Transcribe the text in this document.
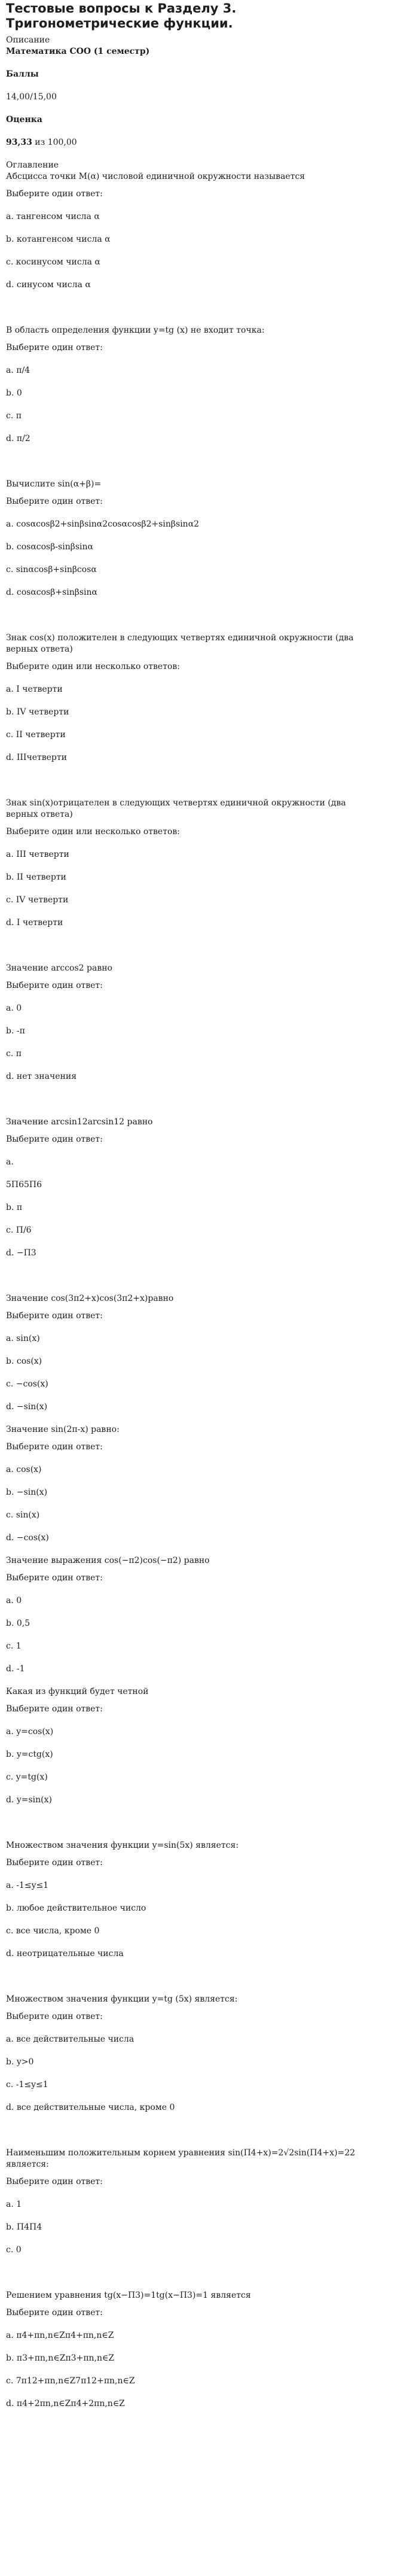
Тестовые вопросы к Разделу 3. Тригонометрические функции.

Описание

Математика СОО (1 семестр)

Баллы

14,00/15,00

Оценка

93,33 из 100,00

Оглавление

Абсцисса точки М(α) числовой единичной окружности называется

Выберите один ответ:

a. тангенсом числа α

b. котангенсом числа α

c. косинусом числа α

d. синусом числа α

В область определения функции y=tg (x) не входит точка:

Выберите один ответ:

a. π/4

b. 0

c. π

d. π/2

Вычислите sin(α+β)=

Выберите один ответ:

a. cosαcosβ2+sinβsinα2cosαcosβ2+sinβsinα2

b. cosαcosβ-sinβsinα

c. sinαcosβ+sinβcosα

d. cosαcosβ+sinβsinα

Знак cos(x) положителен в следующих четвертях единичной окружности (два верных ответа)

Выберите один или несколько ответов:

a. I четверти

b. IV четверти

c. II четверти

d. IIIчетверти

Знак sin(x)отрицателен в следующих четвертях единичной окружности (два верных ответа)

Выберите один или несколько ответов:

a. III четверти

b. II четверти

c. IV четверти

d. I четверти

Значение arccos2 равно

Выберите один ответ:

a. 0

b. -π

c. π

d. нет значения

Значение arcsin12arcsin12 равно

Выберите один ответ:

a.

5П65П6

b. π

c. П/6

d. −П3

Значение cos(3π2+x)cos(3π2+x)равно

Выберите один ответ:

a. sin(x)

b. cos(x)

c. −cos(x)

d. −sin(x)

Значение sin(2π-x) равно:

Выберите один ответ:

a. cos(x)

b. −sin(x)

c. sin(x)

d. −cos(x)

Значение выражения cos(−π2)cos(−π2) равно

Выберите один ответ:

a. 0

b. 0,5

c. 1

d. -1

Какая из функций будет четной

Выберите один ответ:

a. y=cos(x)

b. y=ctg(x)

c. y=tg(x)

d. y=sin(x)

Множеством значения функции y=sin(5x) является:

Выберите один ответ:

a. -1≤y≤1

b. любое действительное число

c. все числа, кроме 0

d. неотрицательные числа

Множеством значения функции y=tg (5x) является:

Выберите один ответ:

a. все действительные числа

b. y>0

c. -1≤y≤1

d. все действительные числа, кроме 0

Наименьшим положительным корнем уравнения sin(П4+x)=2√2sin(П4+x)=22 является:

Выберите один ответ:

a. 1

b. П4П4

c. 0

Решением уравнения tg(x−П3)=1tg(x−П3)=1 является

Выберите один ответ:

a. π4+πn,n∈Zπ4+πn,n∈Z

b. π3+πn,n∈Zπ3+πn,n∈Z

c. 7π12+πn,n∈Z7π12+πn,n∈Z

d. π4+2πn,n∈Zπ4+2πn,n∈Z
